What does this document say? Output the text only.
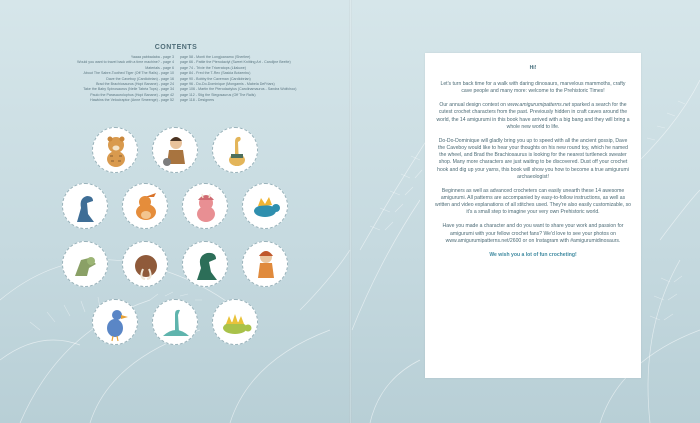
CONTENTS
Yaaaa yabbadaba - page 3
Would you want to travel back with a time machine? - page 4
Materials - page 6
About The Sabre-Toothed Tiger (Off The Rails) - page 10
Dave the Caveboy (Cardiobrian) - page 16
Brad the Brachiosaurus (Hopi Banane) - page 24
Take the Baby Spinosaurus (Nelle Tabéa Tops) - page 34
Paulo the Parasaurolophus (Hopi Banane) - page 42
Hawkins the Velociraptor (Anne Smeenge) - page 52
page 58 - Monti the Longjoanamo (Sherilee)
page 66 - Pattie the Pterodactyl (Sweet Knitting Art - Carolijne Beelte)
page 74 - Trixie the Triceratops (Lilaluwe)
page 84 - Fred the T-Rex (Saskia Botzenbu)
page 90 - Bobby the Caveman (Cardiobrian)
page 96 - Do-Do-Dominique (Mongamis - Mabela DeFriars)
page 106 - Martin the Pterodactylus (Carolinamaurus - Sandra Wolfchoo)
page 112 - Stig the Stegosaurus (Off The Rails)
page 118 - Designers
Hi!

Let's turn back time for a walk with daring dinosaurs, marvelous mammoths, crafty cave people and many more: welcome to the Prehistoric Times!

Our annual design contest on www.amigurumipatterns.net sparked a search for the cutest crochet characters from the past. Previously hidden in craft caves around the world, the 14 amigurumi in this book have arrived with a big bang and they will bring a whole new world to life.

Do-Do-Dominique will gladly bring you up to speed with all the ancient gossip, Dave the Caveboy would like to hear your thoughts on his new round toy, which he named the wheel, and Brad the Brachiosaurus is looking for the nearest turtleneck sweater shop. Many more characters are just waiting to be discovered. Dust off your crochet hook and dig up your yarns, this book will show you how to become a true amigurumi archaeologist!

Beginners as well as advanced crocheters can easily unearth these 14 awesome amigurumi. All patterns are accompanied by easy-to-follow instructions, as well as written and video explanations of all stitches used. They're also easily customizable, so it's a small step to imagine your very own Prehistoric world.

Have you made a character and do you want to share your work and passion for amigurumi with your fellow crochet fans? We'd love to see your photos on www.amigurumipatterns.net/2600 or on Instagram with #amigurumidinosaurs.

We wish you a lot of fun crocheting!
